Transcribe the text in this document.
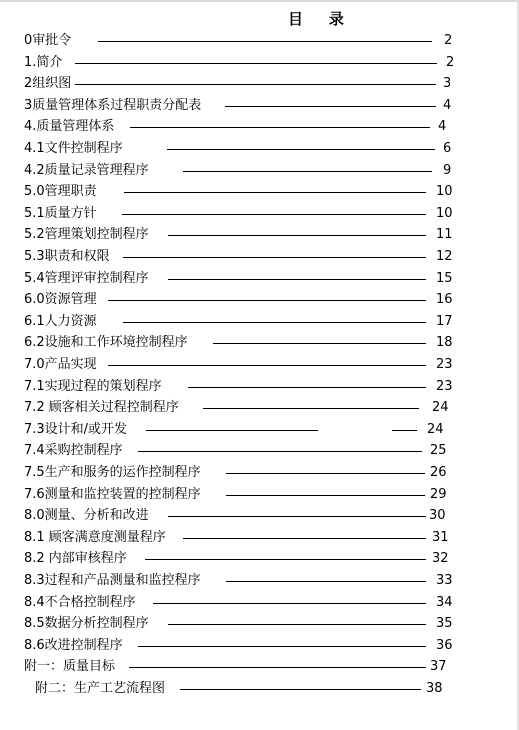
目    录
0审批令	2
1.简介	2
2组织图	3
3质量管理体系过程职责分配表	4
4.质量管理体系	4
4.1文件控制程序	6
4.2质量记录管理程序	9
5.0管理职责	10
5.1质量方针	10
5.2管理策划控制程序	11
5.3职责和权限	12
5.4管理评审控制程序	15
6.0资源管理	16
6.1人力资源	17
6.2设施和工作环境控制程序	18
7.0产品实现	23
7.1实现过程的策划程序	23
7.2 顾客相关过程控制程序	24
7.3设计和/或开发	24
7.4采购控制程序	25
7.5生产和服务的运作控制程序	26
7.6测量和监控装置的控制程序	29
8.0测量、分析和改进	30
8.1 顾客满意度测量程序	31
8.2 内部审核程序	32
8.3过程和产品测量和监控程序	33
8.4不合格控制程序	34
8.5数据分析控制程序	35
8.6改进控制程序	36
附一：质量目标	37
附二：生产工艺流程图	38
